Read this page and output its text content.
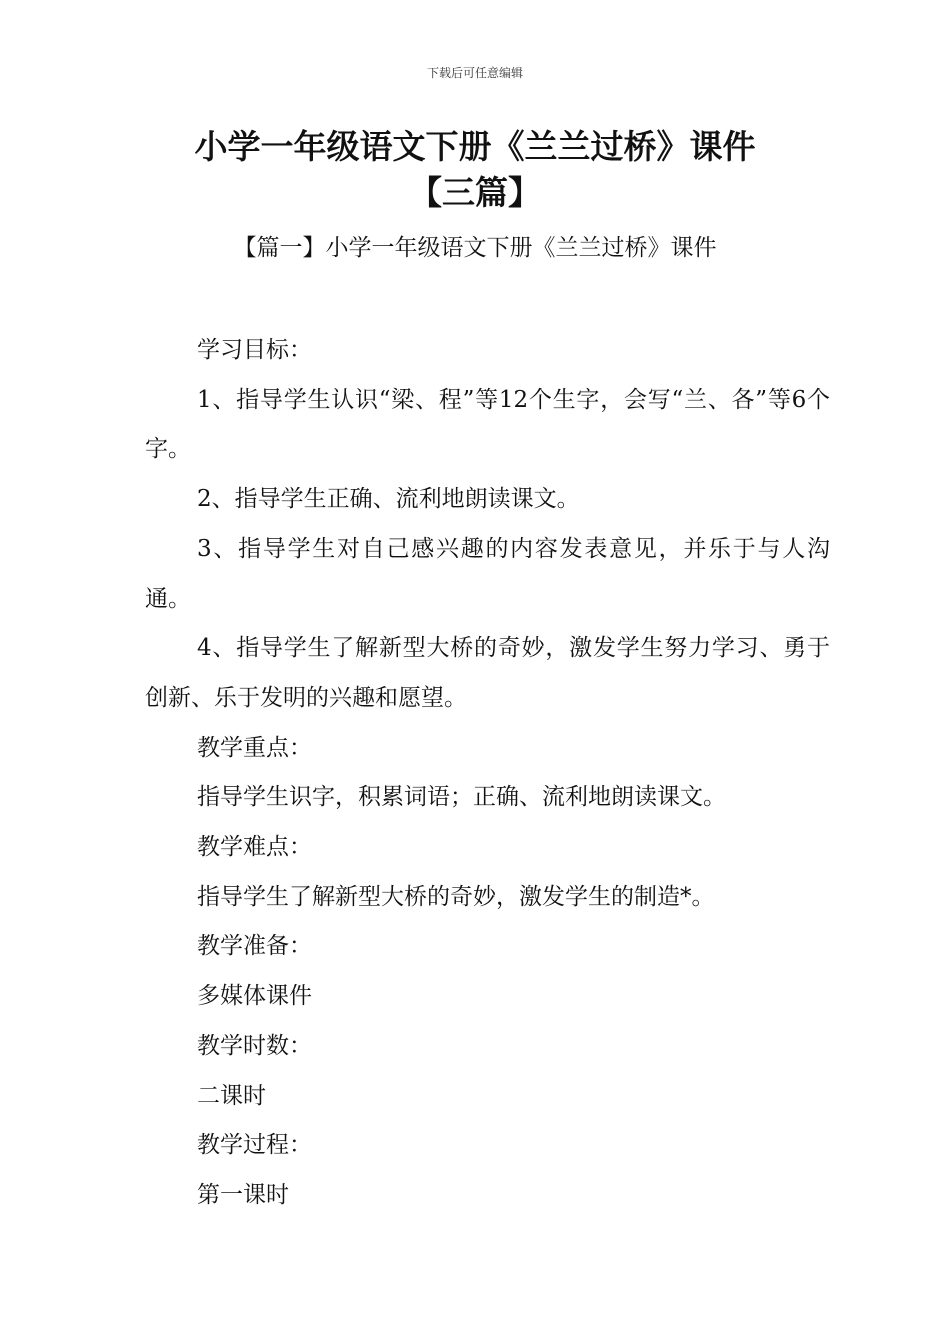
下载后可任意编辑
小学一年级语文下册《兰兰过桥》课件
【三篇】
【篇一】小学一年级语文下册《兰兰过桥》课件

学习目标：

1、指导学生认识“梁、程”等12个生字，会写“兰、各”等6个字。

2、指导学生正确、流利地朗读课文。

3、指导学生对自己感兴趣的内容发表意见，并乐于与人沟通。

4、指导学生了解新型大桥的奇妙，激发学生努力学习、勇于创新、乐于发明的兴趣和愿望。

教学重点：

指导学生识字，积累词语；正确、流利地朗读课文。

教学难点：

指导学生了解新型大桥的奇妙，激发学生的制造*。

教学准备：

多媒体课件

教学时数：

二课时

教学过程：

第一课时
